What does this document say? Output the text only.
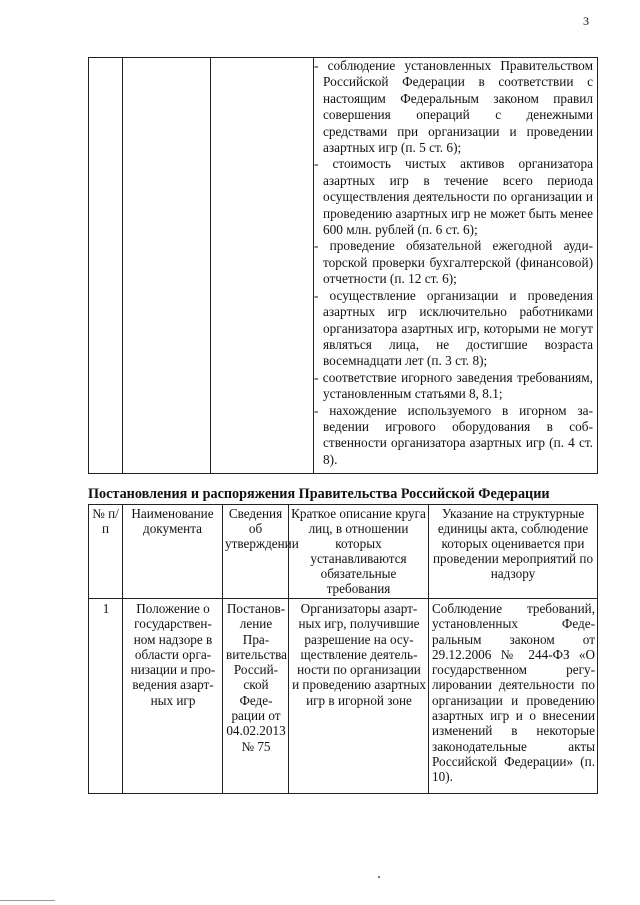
3

- соблюдение установленных Правительством Российской Федерации в соответствии с настоящим Федеральным законом правил совершения операций с денежными средствами при организации и проведении азартных игр (п. 5 ст. 6);
- стоимость чистых активов организатора азартных игр в течение всего периода осуществления деятельности по организации и проведению азартных игр не может быть менее 600 млн. рублей (п. 6 ст. 6);
- проведение обязательной ежегодной аудиторской проверки бухгалтерской (финансовой) отчетности (п. 12 ст. 6);
- осуществление организации и проведения азартных игр исключительно работниками организатора азартных игр, которыми не могут являться лица, не достигшие возраста восемнадцати лет (п. 3 ст. 8);
- соответствие игорного заведения требованиям, установленным статьями 8, 8.1;
- нахождение используемого в игорном заведении игрового оборудования в собственности организатора азартных игр (п. 4 ст. 8).
Постановления и распоряжения Правительства Российской Федерации
№ п/п	Наименование документа	Сведения об утверждении	Краткое описание круга лиц, в отношении которых устанавливаются обязательные требования	Указание на структурные единицы акта, соблюдение которых оценивается при проведении мероприятий по надзору
1	Положение о государственном надзоре в области организации и проведения азартных игр	Постановление Правительства Российской Федерации от 04.02.2013 № 75	Организаторы азартных игр, получившие разрешение на осуществление деятельности по организации и проведению азартных игр в игорной зоне	Соблюдение требований, установленных Федеральным законом от 29.12.2006 № 244-ФЗ «О государственном регулировании деятельности по организации и проведению азартных игр и о внесении изменений в некоторые законодательные акты Российской Федерации» (п. 10).
